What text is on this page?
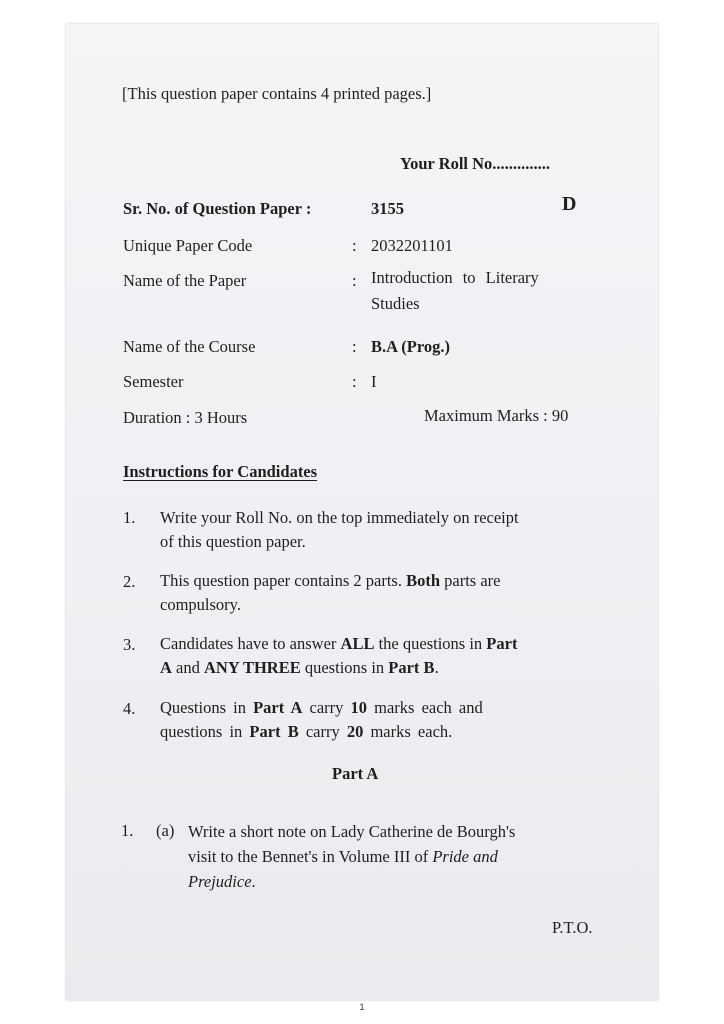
[This question paper contains 4 printed pages.]
Your Roll No..............
Sr. No. of Question Paper :	3155	D
Unique Paper Code	: 2032201101
Name of the Paper	: Introduction to Literary
Studies
Name of the Course	: B.A (Prog.)
Semester	: I
Duration : 3 Hours	Maximum Marks : 90
Instructions for Candidates
1. Write your Roll No. on the top immediately on receipt
of this question paper.
2. This question paper contains 2 parts. Both parts are
compulsory.
3. Candidates have to answer ALL the questions in Part
A and ANY THREE questions in Part B.
4. Questions in Part A carry 10 marks each and
questions in Part B carry 20 marks each.
Part A
1. (a) Write a short note on Lady Catherine de Bourgh's
visit to the Bennet's in Volume III of Pride and
Prejudice.
P.T.O.
1
